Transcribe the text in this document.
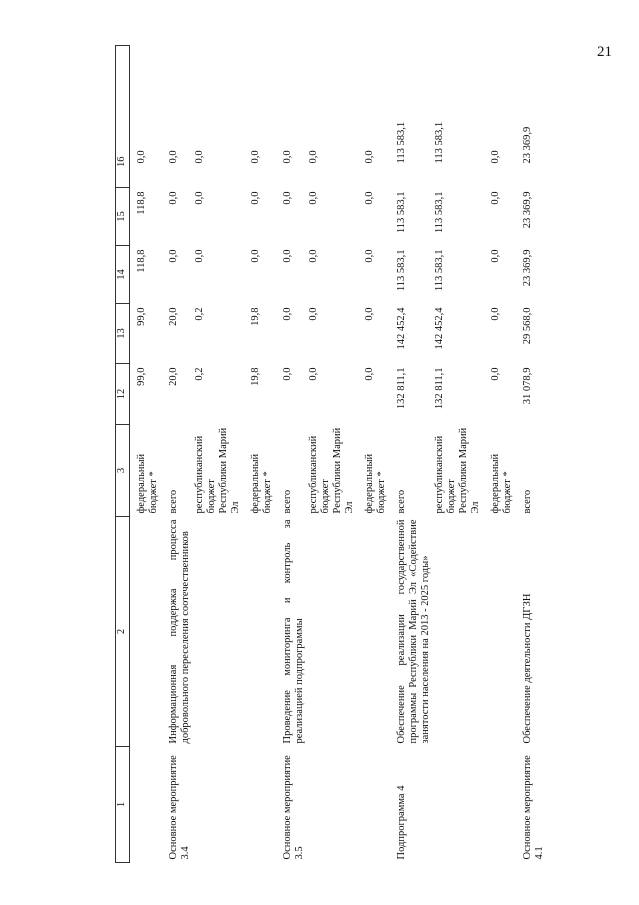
21
1	2	3	12	13	14	15	16
		федеральный бюджет *	99,0	99,0	118,8	118,8	0,0
Основное мероприятие 3.4	Информационная поддержка процесса добровольного переселения соотечественников	всего	20,0	20,0	0,0	0,0	0,0
		республиканский бюджет Республики Марий Эл	0,2	0,2	0,0	0,0	0,0
		федеральный бюджет *	19,8	19,8	0,0	0,0	0,0
Основное мероприятие 3.5	Проведение мониторинга и контроль за реализацией подпрограммы	всего	0,0	0,0	0,0	0,0	0,0
		республиканский бюджет Республики Марий Эл	0,0	0,0	0,0	0,0	0,0
		федеральный бюджет *	0,0	0,0	0,0	0,0	0,0
Подпрограмма 4	Обеспечение реализации государственной программы Республики Марий Эл «Содействие занятости населения на 2013 - 2025 годы»	всего	132 811,1	142 452,4	113 583,1	113 583,1	113 583,1
		республиканский бюджет Республики Марий Эл	132 811,1	142 452,4	113 583,1	113 583,1	113 583,1
		федеральный бюджет *	0,0	0,0	0,0	0,0	0,0
Основное мероприятие 4.1	Обеспечение деятельности ДГЗН	всего	31 078,9	29 568,0	23 369,9	23 369,9	23 369,9
